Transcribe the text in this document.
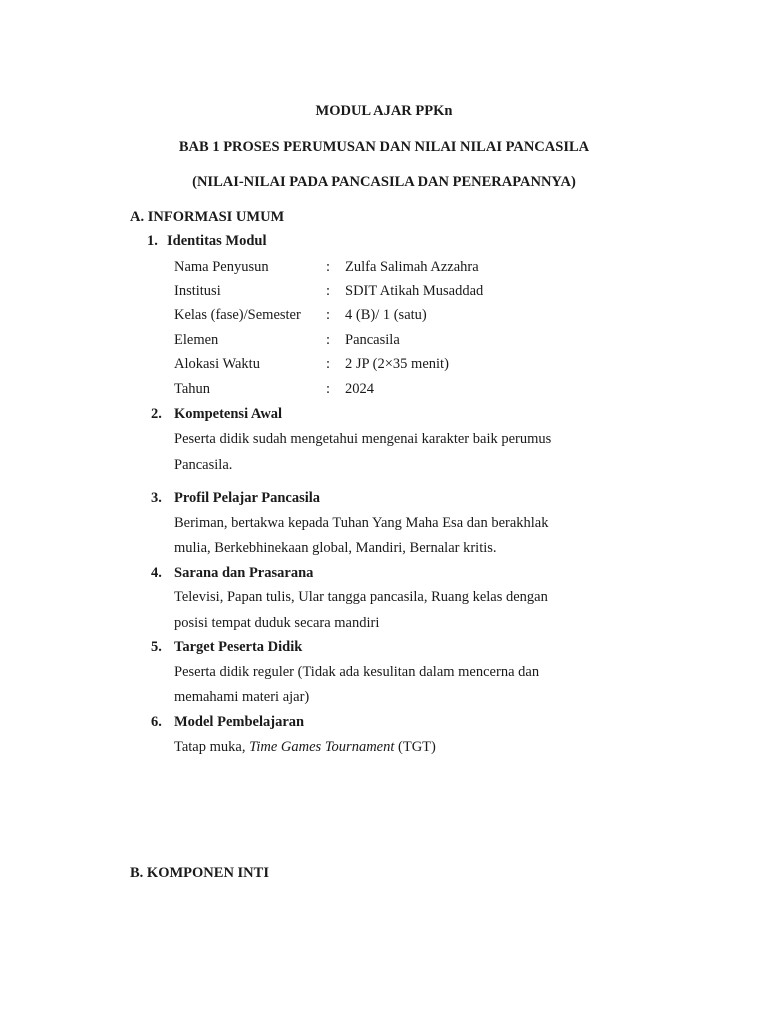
MODUL AJAR PPKn
BAB 1 PROSES PERUMUSAN DAN NILAI NILAI PANCASILA
(NILAI-NILAI PADA PANCASILA DAN PENERAPANNYA)
A. INFORMASI UMUM
1. Identitas Modul
Nama Penyusun	: Zulfa Salimah Azzahra
Institusi	: SDIT Atikah Musaddad
Kelas (fase)/Semester : 4 (B)/ 1 (satu)
Elemen	: Pancasila
Alokasi Waktu	: 2 JP (2×35 menit)
Tahun	: 2024
2. Kompetensi Awal
Peserta didik sudah mengetahui mengenai karakter baik perumus
Pancasila.
3. Profil Pelajar Pancasila
Beriman, bertakwa kepada Tuhan Yang Maha Esa dan berakhlak
mulia, Berkebhinekaan global, Mandiri, Bernalar kritis.
4. Sarana dan Prasarana
Televisi, Papan tulis, Ular tangga pancasila, Ruang kelas dengan
posisi tempat duduk secara mandiri
5. Target Peserta Didik
Peserta didik reguler (Tidak ada kesulitan dalam mencerna dan
memahami materi ajar)
6. Model Pembelajaran
Tatap muka, Time Games Tournament (TGT)
B. KOMPONEN INTI
